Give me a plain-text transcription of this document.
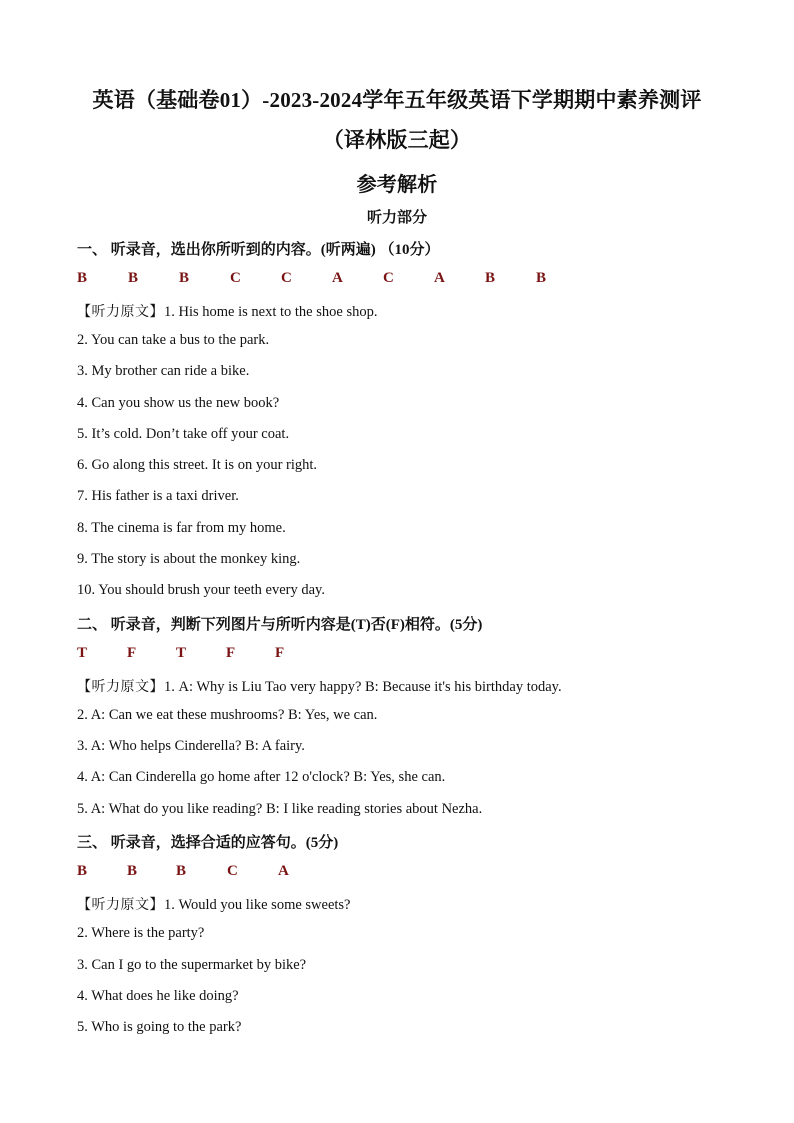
英语（基础卷01）-2023-2024学年五年级英语下学期期中素养测评
（译林版三起）
参考解析
听力部分
一、 听录音，选出你所听到的内容。(听两遍) （10分）
B	B	B	C	C	A	C	A	B	B
【听力原文】1. His home is next to the shoe shop.
2. You can take a bus to the park.
3. My brother can ride a bike.
4. Can you show us the new book?
5. It’s cold. Don’t take off your coat.
6. Go along this street. It is on your right.
7. His father is a taxi driver.
8. The cinema is far from my home.
9. The story is about the monkey king.
10. You should brush your teeth every day.
二、 听录音，判断下列图片与所听内容是(T)否(F)相符。(5分)
T	F	T	F	F
【听力原文】1. A: Why is Liu Tao very happy? B: Because it's his birthday today.
2. A: Can we eat these mushrooms? B: Yes, we can.
3. A: Who helps Cinderella? B: A fairy.
4. A: Can Cinderella go home after 12 o'clock? B: Yes, she can.
5. A: What do you like reading? B: I like reading stories about Nezha.
三、 听录音，选择合适的应答句。(5分)
B	B	B	C	A
【听力原文】1. Would you like some sweets?
2. Where is the party?
3. Can I go to the supermarket by bike?
4. What does he like doing?
5. Who is going to the park?
